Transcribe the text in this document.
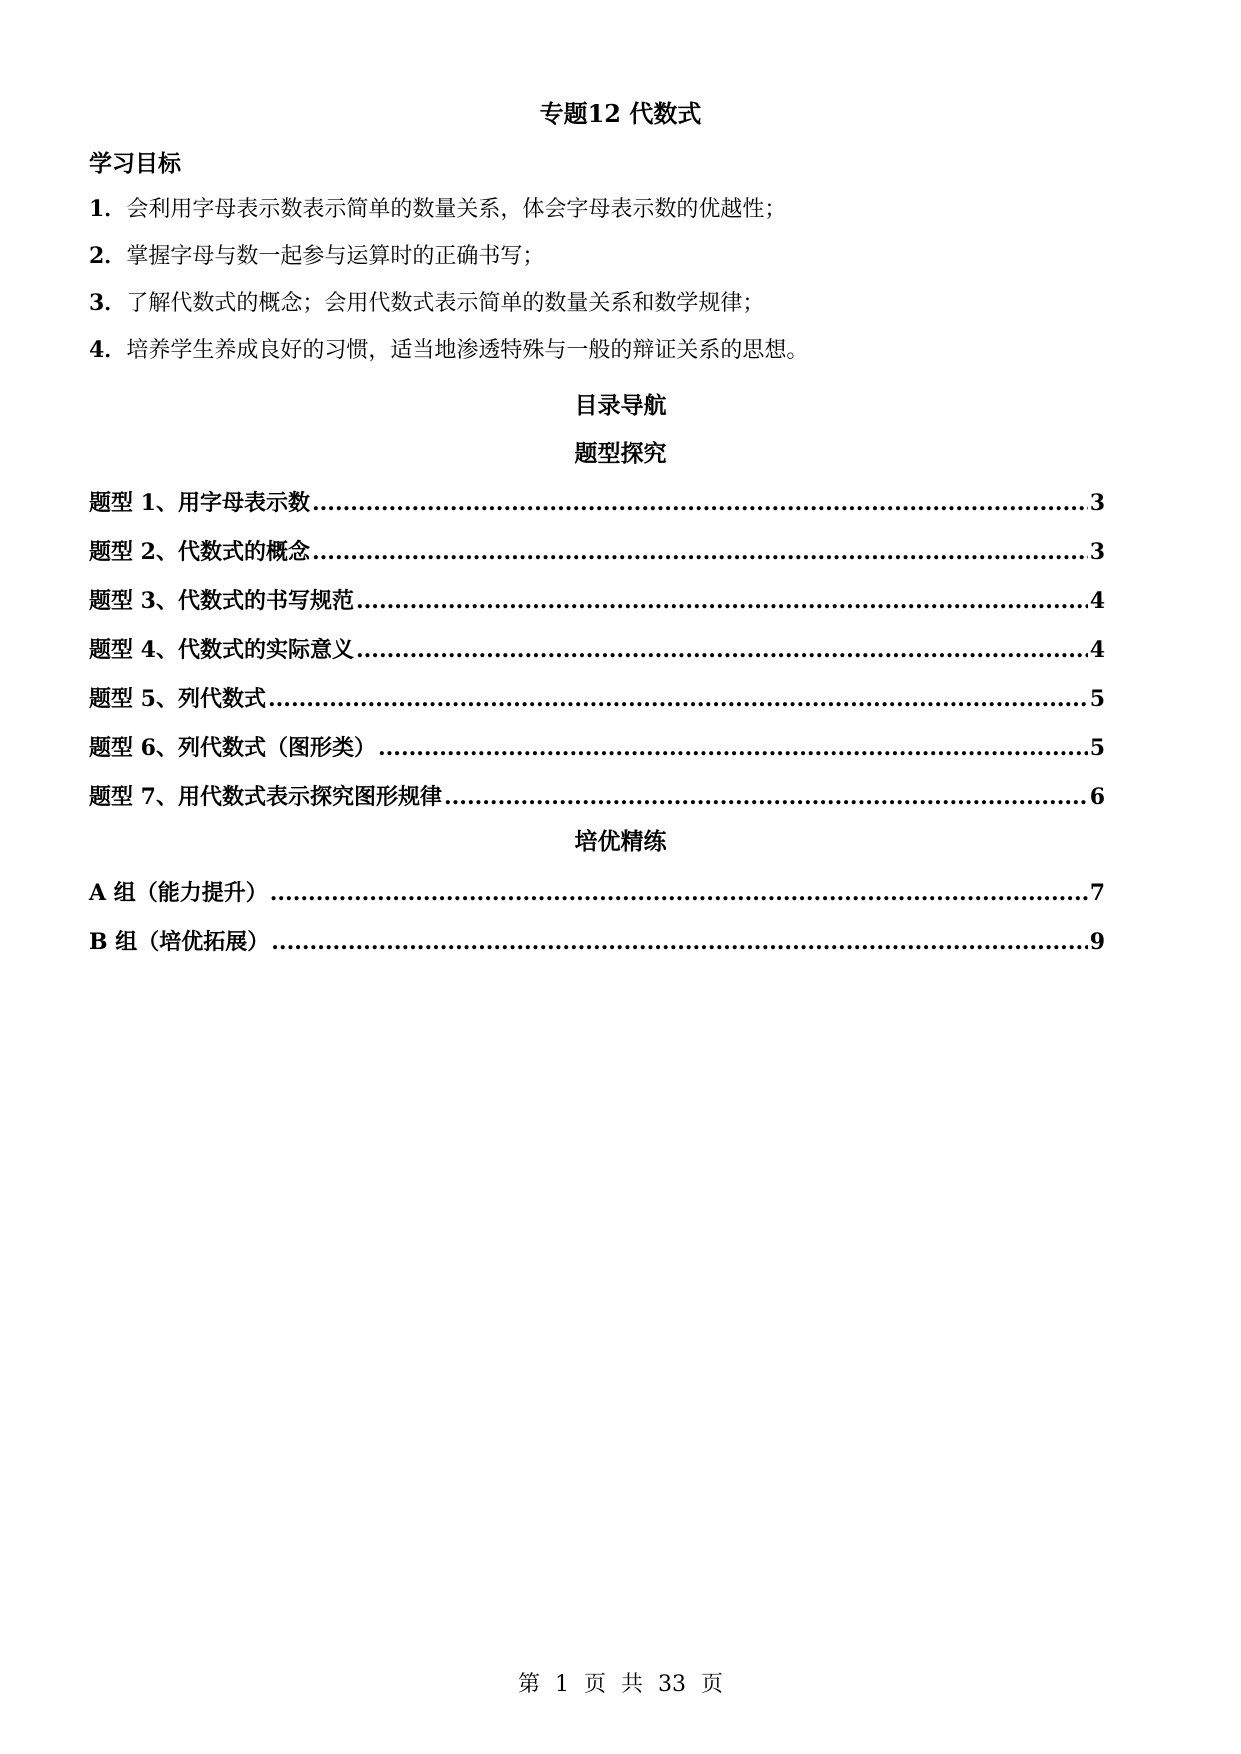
专题12 代数式
学习目标
1．会利用字母表示数表示简单的数量关系，体会字母表示数的优越性；
2．掌握字母与数一起参与运算时的正确书写；
3．了解代数式的概念；会用代数式表示简单的数量关系和数学规律；
4．培养学生养成良好的习惯，适当地渗透特殊与一般的辩证关系的思想。
目录导航
题型探究
题型 1、用字母表示数 .....	3
题型 2、代数式的概念 .....	3
题型 3、代数式的书写规范 .....	4
题型 4、代数式的实际意义 .....	4
题型 5、列代数式 .....	5
题型 6、列代数式（图形类） .....	5
题型 7、用代数式表示探究图形规律 .....	6
培优精练
A 组（能力提升） .....	7
B 组（培优拓展） .....	9
第 1 页 共 33 页
